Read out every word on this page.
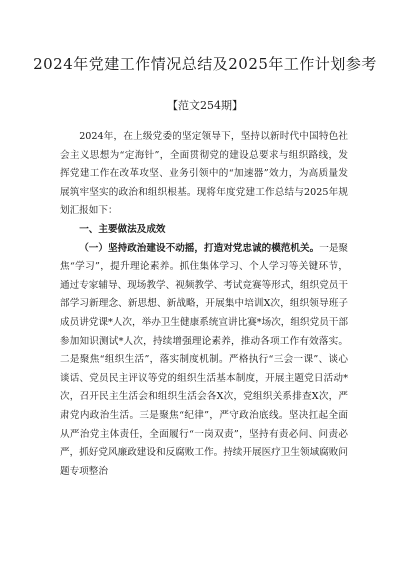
2024年党建工作情况总结及2025年工作计划参考
【范文254期】

2024年，在上级党委的坚定领导下，坚持以新时代中国特色社会主义思想为“定海针”，全面贯彻党的建设总要求与组织路线，发挥党建工作在改革攻坚、业务引领中的“加速器”效力，为高质量发展筑牢坚实的政治和组织根基。现将年度党建工作总结与2025年规划汇报如下：

一、主要做法及成效

（一）坚持政治建设不动摇，打造对党忠诚的模范机关。一是聚焦“学习”，提升理论素养。抓住集体学习、个人学习等关键环节，通过专家辅导、现场教学、视频教学、考试竞赛等形式，组织党员干部学习新理念、新思想、新战略，开展集中培训X次，组织领导班子成员讲党课*人次，举办卫生健康系统宣讲比赛*场次，组织党员干部参加知识测试*人次，持续增强理论素养，推动各项工作有效落实。二是聚焦“组织生活”，落实制度机制。严格执行“三会一课”、谈心谈话、党员民主评议等党的组织生活基本制度，开展主题党日活动*次，召开民主生活会和组织生活会各X次，党组织关系排查X次，严肃党内政治生活。三是聚焦“纪律”，严守政治底线。坚决扛起全面从严治党主体责任，全面履行“一岗双责”，坚持有责必问、问责必严，抓好党风廉政建设和反腐败工作。持续开展医疗卫生领域腐败问题专项整治
